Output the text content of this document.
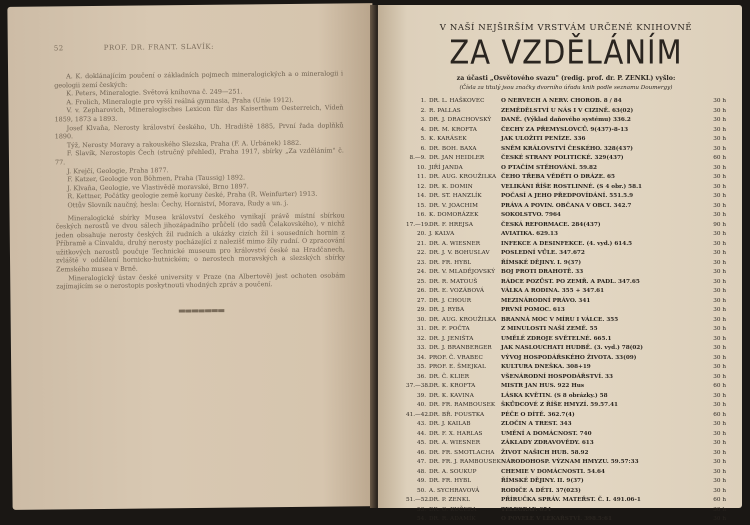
52	PROF. DR. FRANT. SLAVÍK:

A. K. doklánajícím poučení o základních pojmech mineralogických a o mineralogii i geologii zemí českých:

K. Peters, Mineralogie. Světová knihovna č. 249—251.

A. Frolich, Mineralogie pro vyšší reálná gymnasia, Praha (Unie 1912).

V. v. Zepharovich, Mineralogisches Lexicon für das Kaiserthum Oesterreich, Vídeň 1859, 1873 a 1893.

Josef Klvaňa, Nerosty království českého, Uh. Hradiště 1885, První řada doplňků 1890.

Týž, Nerosty Moravy a rakouského Slezska, Praha (F. A. Urbánek) 1882.

F. Slavík, Nerostopis Čech (stručný přehled), Praha 1917, sbírky „Za vzděláním" č. 77.

J. Krejčí, Geologie, Praha 1877.

F. Katzer, Geologie von Böhmen, Praha (Taussig) 1892.

J. Klvaňa, Geologie, ve Vlastivědě moravské, Brno 1897.

R. Kettner, Počátky geologie země koruny české, Praha (R. Weinfurter) 1913.

Ottův Slovník naučný, hesla: Čechy, Horniství, Morava, Rudy a un. j.

Mineralogické sbírky Musea království českého vynikají právě místní sbírkou českých nerostů ve dvou sálech jihozápadního průčelí (do sadů Čelakovského), v nichž jeden obsahuje nerosty českých žil rudních a ukázky cizích žil i sousedních hornin z Příbramě a Cínvaldu, druhý nerosty pocházející z nalezišť mimo žíly rudní. O zpracování užitkových nerostů poučuje Technické museum pro království české na Hradčanech, zvláště v oddělení hornicko-hutnickém; o nerostech moravských a slezských sbírky Zemského musea v Brně.

Mineralogický ústav české university v Praze (na Albertově) jest ochoten osobám zajímajícím se o nerostopis poskytnouti vhodných zpráv a poučení.

▬▬▬▬▬▬▬
V NAŠÍ NEJŠIRŠÍM VRSTVÁM URČENÉ KNIHOVNĚ
ZA VZDĚLÁNÍM
za účasti „Osvětového svazu" (redig. prof. dr. P. ZENKL) vyšlo:
(Čísla za titulý jsou značky dvorního úřadu knih podle seznamu Doumergy)
1. DR. L. HAŠKOVEC	O NERVECH A NERV. CHOROB. 8 / 84	30 h
2. R. PALLAS	ZEMĚDĚLSTVÍ U NÁS I V CIZINĚ. 63(02)	30 h
3. DR. J. DRACHOVSKÝ	DANĚ. (Výklad daňového systému) 336.2	30 h
4. DR. M. KROFTA	ČECHY ZA PŘEMYSLOVCŮ. 9(437)-8-13	30 h
5. K. KARÁSEK	JAK ULOŽITI PENÍZE. 336	30 h
6. DR. BOH. BAXA	SNĚM KRÁLOVSTVÍ ČESKÉHO. 328(437)	30 h
8.—9. DR. JAN HEIDLER	ČESKÉ STRANY POLITICKÉ. 329(437)	60 h
10. JIŘÍ JANDA	O PTAČÍM STĚHOVÁNÍ. 59.82	30 h
11. DR. AUG. KROUŽILKA ČEHO TŘEBA VĚDĚTI O DRÁZE. 65	30 h
12. DR. K. DOMIN	VELIKÁNI ŘÍŠE ROSTLINNÉ. (S 4 obr.) 58.1	30 h
14. DR. ST. HANZLÍK	POČASÍ A JEHO PŘEDPOVÍDÁNÍ. 551.5.9	30 h
15. DR. V. JOACHIM	PRÁVA A POVIN. OBČANA V OBCI. 342.7	30 h
16. K. DOMORÁZEK	SOKOLSTVO. 7964	30 h
17.—19. DR. F. HREJSA	ČESKÁ REFORMACE. 284(437)	90 h
20. J. KALVA	AVIATIKA. 629.13	30 h
21. DR. A. WIESNER	INFEKCE A DESINFEKCE. (4. vyd.) 614.5	30 h
22. DR. J. V. BOHUSLAV	POSLEDNÍ VŮLE. 347.672	30 h
23. DR. FR. HYBL	ŘÍMSKÉ DĚJINY. I. 9(37)	30 h
24. DR. V. MLADĚJOVSKÝ	BOJ PROTI DRAHOTĚ. 33	30 h
25. DR. R. MATOUŠ	RÁDCE POZŮST. PO ZEMŘ. A PADL. 347.65	30 h
26. DR. E. VOZÁBOVÁ	VÁLKA A RODINA. 355 + 347.61	30 h
27. DR. J. CHOUR	MEZINÁRODNÍ PRÁVO. 341	30 h
29. DR. J. RYBA	PRVNÍ POMOC. 613	30 h
30. DR. AUG. KROUŽILKA BRANNÁ MOC V MÍRU I VÁLCE. 355	30 h
31. DR. F. POČTA	Z MINULOSTI NAŠÍ ZEMĚ. 55	30 h
32. DR. J. JENIŠTA	UMĚLÉ ZDROJE SVĚTELNÉ. 665.1	30 h
33. DR. J. BRANBERGER	JAK NASLOUCHATI HUDBĚ. (3. vyd.) 78(02)	30 h
34. PROF. Č. VRABEC	VÝVOJ HOSPODÁŘSKÉHO ŽIVOTA. 33(09)	30 h
35. PROF. E. ŠMEJKAL	KULTURA DNEŠKA. 308+19	30 h
36. DR. Č. KLIER	VŠENÁRODNÍ HOSPODÁŘSTVÍ. 33	30 h
37.—38. DR. K. KROFTA	MISTR JAN HUS. 922 Hus	60 h
39. DR. K. KAVINA	LÁSKA KVĚTIN. (S 8 obrázky.) 58	30 h
40. DR. FR. RAMBOUSEK	ŠKŮDCOVÉ Z ŘÍŠE HMYZÍ. 59.57.41	30 h
41.—42. DR. BŘ. FOUSTKA	PÉČE O DÍTĚ. 362.7(4)	60 h
43. DR. J. KAILAB	ZLOČIN A TREST. 343	30 h
44. DR. F. X. HARLAS	UMĚNÍ A DOMÁCNOST. 740	30 h
45. DR. A. WIESNER	ZÁKLADY ZDRAVOVĚDY. 613	30 h
46. DR. FR. SMOTLACHA	ŽIVOT NAŠICH HUB. 58.92	30 h
47. DR. FR. J. RAMBOUSEK NÁRODOHOSP. VÝZNAM HMYZU. 59.57:33	30 h
48. DR. A. SOUKUP	CHEMIE V DOMÁCNOSTI. 54.64	30 h
49. DR. FR. HYBL	ŘÍMSKÉ DĚJINY. II. 9(37)	30 h
50. A. SYCHRAVOVÁ	RODIČE A DĚTI. 37(023)	30 h
51.—52. DR. P. ZENKL	PŘÍRUČKA SPRÁV. MATEŘST. Č. I. 491.06-1	60 h
53. DR. O. KUČERA	TELEGRAF. 654	30 h
54. DR. R. ADAMÍK	O POVELE V LÉKAŘSTVÍ. 398.5:61	30 h
